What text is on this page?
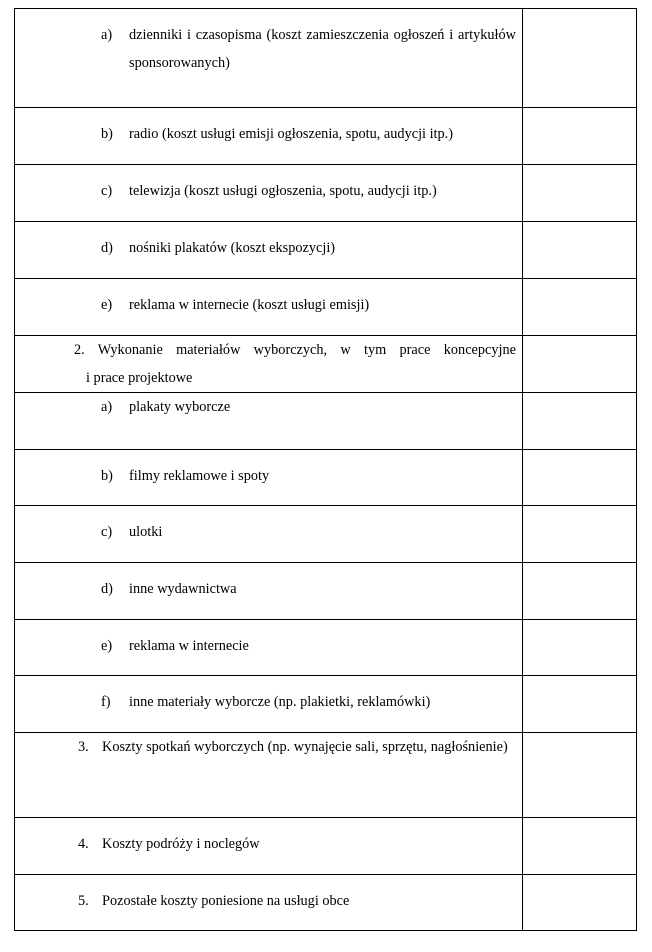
a) dzienniki i czasopisma (koszt zamieszczenia ogłoszeń i artykułów sponsorowanych)	

b) radio (koszt usługi emisji ogłoszenia, spotu, audycji itp.)	

c) telewizja (koszt usługi ogłoszenia, spotu, audycji itp.)	

d) nośniki plakatów (koszt ekspozycji)	

e) reklama w internecie (koszt usługi emisji)	

2. Wykonanie materiałów wyborczych, w tym prace koncepcyjne
i prace projektowe	

a) plakaty wyborcze	

b) filmy reklamowe i spoty	

c) ulotki	

d) inne wydawnictwa	

e) reklama w internecie	

f) inne materiały wyborcze (np. plakietki, reklamówki)	

3. Koszty spotkań wyborczych (np. wynajęcie sali, sprzętu, nagłośnienie)	

4. Koszty podróży i noclegów	

5. Pozostałe koszty poniesione na usługi obce	
